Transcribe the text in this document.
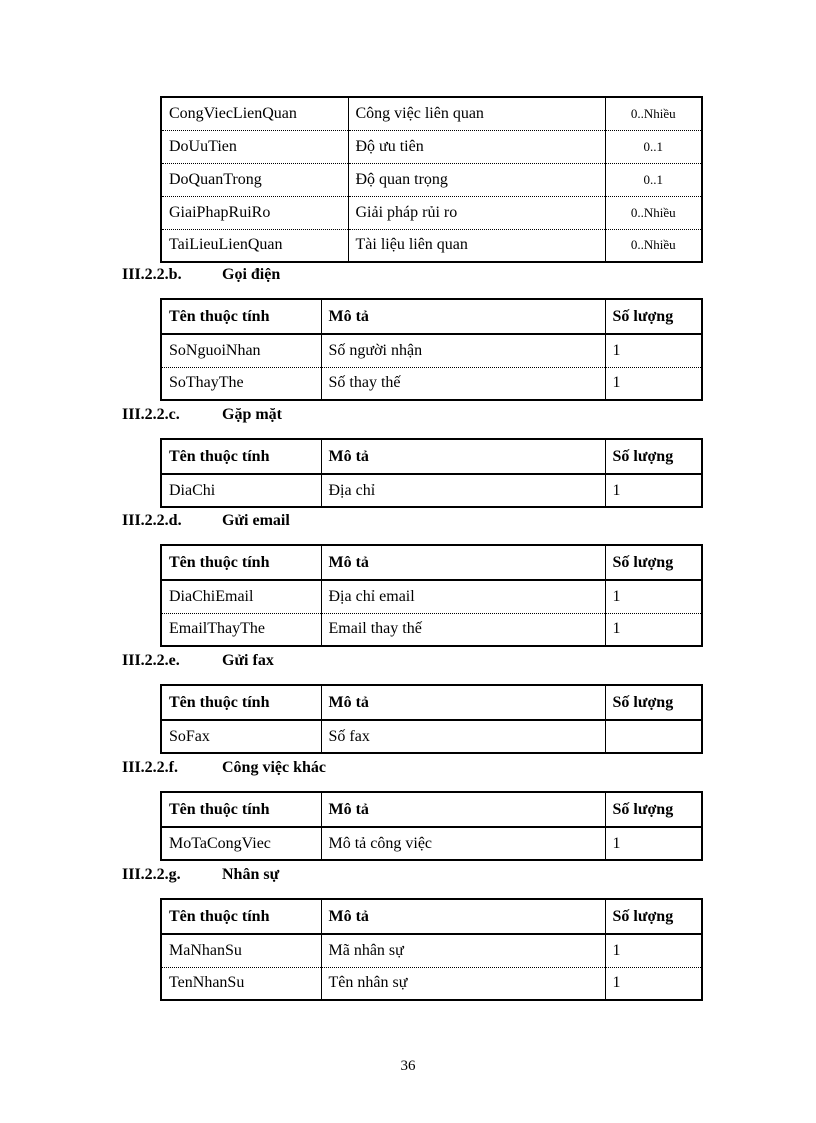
CongViecLienQuan	Công việc liên quan	0..Nhiều
DoUuTien	Độ ưu tiên	0..1
DoQuanTrong	Độ quan trọng	0..1
GiaiPhapRuiRo	Giải pháp rủi ro	0..Nhiều
TaiLieuLienQuan	Tài liệu liên quan	0..Nhiều
III.2.2.b.	Gọi điện
Tên thuộc tính	Mô tả	Số lượng
SoNguoiNhan	Số người nhận	1
SoThayThe	Số thay thế	1
III.2.2.c.	Gặp mặt
Tên thuộc tính	Mô tả	Số lượng
DiaChi	Địa chỉ	1
III.2.2.d.	Gửi email
Tên thuộc tính	Mô tả	Số lượng
DiaChiEmail	Địa chỉ email	1
EmailThayThe	Email thay thế	1
III.2.2.e.	Gửi fax
Tên thuộc tính	Mô tả	Số lượng
SoFax	Số fax	
III.2.2.f.	Công việc khác
Tên thuộc tính	Mô tả	Số lượng
MoTaCongViec	Mô tả công việc	1
III.2.2.g.	Nhân sự
Tên thuộc tính	Mô tả	Số lượng
MaNhanSu	Mã nhân sự	1
TenNhanSu	Tên nhân sự	1
36
